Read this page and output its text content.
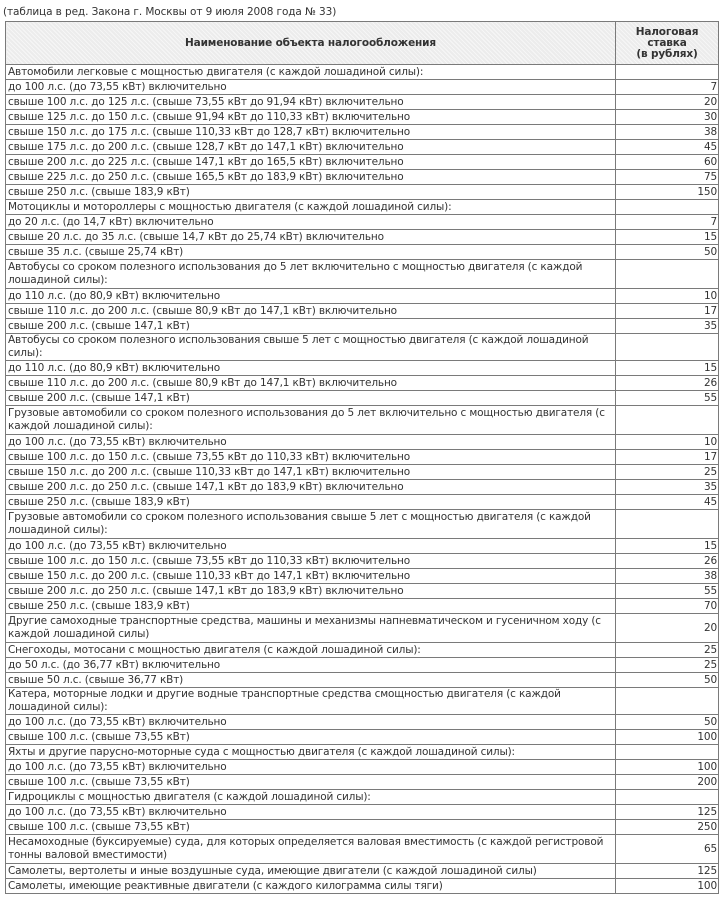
(таблица в ред. Закона г. Москвы от 9 июля 2008 года № 33)
Наименование объекта налогообложения	Налоговая
ставка
(в рублях)
Автомобили легковые с мощностью двигателя (с каждой лошадиной силы):	
до 100 л.с. (до 73,55 кВт) включительно	7
свыше 100 л.с. до 125 л.с. (свыше 73,55 кВт до 91,94 кВт) включительно	20
свыше 125 л.с. до 150 л.с. (свыше 91,94 кВт до 110,33 кВт) включительно	30
свыше 150 л.с. до 175 л.с. (свыше 110,33 кВт до 128,7 кВт) включительно	38
свыше 175 л.с. до 200 л.с. (свыше 128,7 кВт до 147,1 кВт) включительно	45
свыше 200 л.с. до 225 л.с. (свыше 147,1 кВт до 165,5 кВт) включительно	60
свыше 225 л.с. до 250 л.с. (свыше 165,5 кВт до 183,9 кВт) включительно	75
свыше 250 л.с. (свыше 183,9 кВт)	150
Мотоциклы и мотороллеры с мощностью двигателя (с каждой лошадиной силы):	
до 20 л.с. (до 14,7 кВт) включительно	7
свыше 20 л.с. до 35 л.с. (свыше 14,7 кВт до 25,74 кВт) включительно	15
свыше 35 л.с. (свыше 25,74 кВт)	50
Автобусы со сроком полезного использования до 5 лет включительно с мощностью двигателя (с каждой лошадиной силы):	
до 110 л.с. (до 80,9 кВт) включительно	10
свыше 110 л.с. до 200 л.с. (свыше 80,9 кВт до 147,1 кВт) включительно	17
свыше 200 л.с. (свыше 147,1 кВт)	35
Автобусы со сроком полезного использования свыше 5 лет с мощностью двигателя (с каждой лошадиной силы):	
до 110 л.с. (до 80,9 кВт) включительно	15
свыше 110 л.с. до 200 л.с. (свыше 80,9 кВт до 147,1 кВт) включительно	26
свыше 200 л.с. (свыше 147,1 кВт)	55
Грузовые автомобили со сроком полезного использования до 5 лет включительно с мощностью двигателя (с каждой лошадиной силы):	
до 100 л.с. (до 73,55 кВт) включительно	10
свыше 100 л.с. до 150 л.с. (свыше 73,55 кВт до 110,33 кВт) включительно	17
свыше 150 л.с. до 200 л.с. (свыше 110,33 кВт до 147,1 кВт) включительно	25
свыше 200 л.с. до 250 л.с. (свыше 147,1 кВт до 183,9 кВт) включительно	35
свыше 250 л.с. (свыше 183,9 кВт)	45
Грузовые автомобили со сроком полезного использования свыше 5 лет с мощностью двигателя (с каждой лошадиной силы):	
до 100 л.с. (до 73,55 кВт) включительно	15
свыше 100 л.с. до 150 л.с. (свыше 73,55 кВт до 110,33 кВт) включительно	26
свыше 150 л.с. до 200 л.с. (свыше 110,33 кВт до 147,1 кВт) включительно	38
свыше 200 л.с. до 250 л.с. (свыше 147,1 кВт до 183,9 кВт) включительно	55
свыше 250 л.с. (свыше 183,9 кВт)	70
Другие самоходные транспортные средства, машины и механизмы напневматическом и гусеничном ходу (с каждой лошадиной силы)	20
Снегоходы, мотосани с мощностью двигателя (с каждой лошадиной силы):	25
до 50 л.с. (до 36,77 кВт) включительно	25
свыше 50 л.с. (свыше 36,77 кВт)	50
Катера, моторные лодки и другие водные транспортные средства смощностью двигателя (с каждой лошадиной силы):	
до 100 л.с. (до 73,55 кВт) включительно	50
свыше 100 л.с. (свыше 73,55 кВт)	100
Яхты и другие парусно-моторные суда с мощностью двигателя (с каждой лошадиной силы):	
до 100 л.с. (до 73,55 кВт) включительно	100
свыше 100 л.с. (свыше 73,55 кВт)	200
Гидроциклы с мощностью двигателя (с каждой лошадиной силы):	
до 100 л.с. (до 73,55 кВт) включительно	125
свыше 100 л.с. (свыше 73,55 кВт)	250
Несамоходные (буксируемые) суда, для которых определяется валовая вместимость (с каждой регистровой тонны валовой вместимости)	65
Самолеты, вертолеты и иные воздушные суда, имеющие двигатели (с каждой лошадиной силы)	125
Самолеты, имеющие реактивные двигатели (с каждого килограмма силы тяги)	100
